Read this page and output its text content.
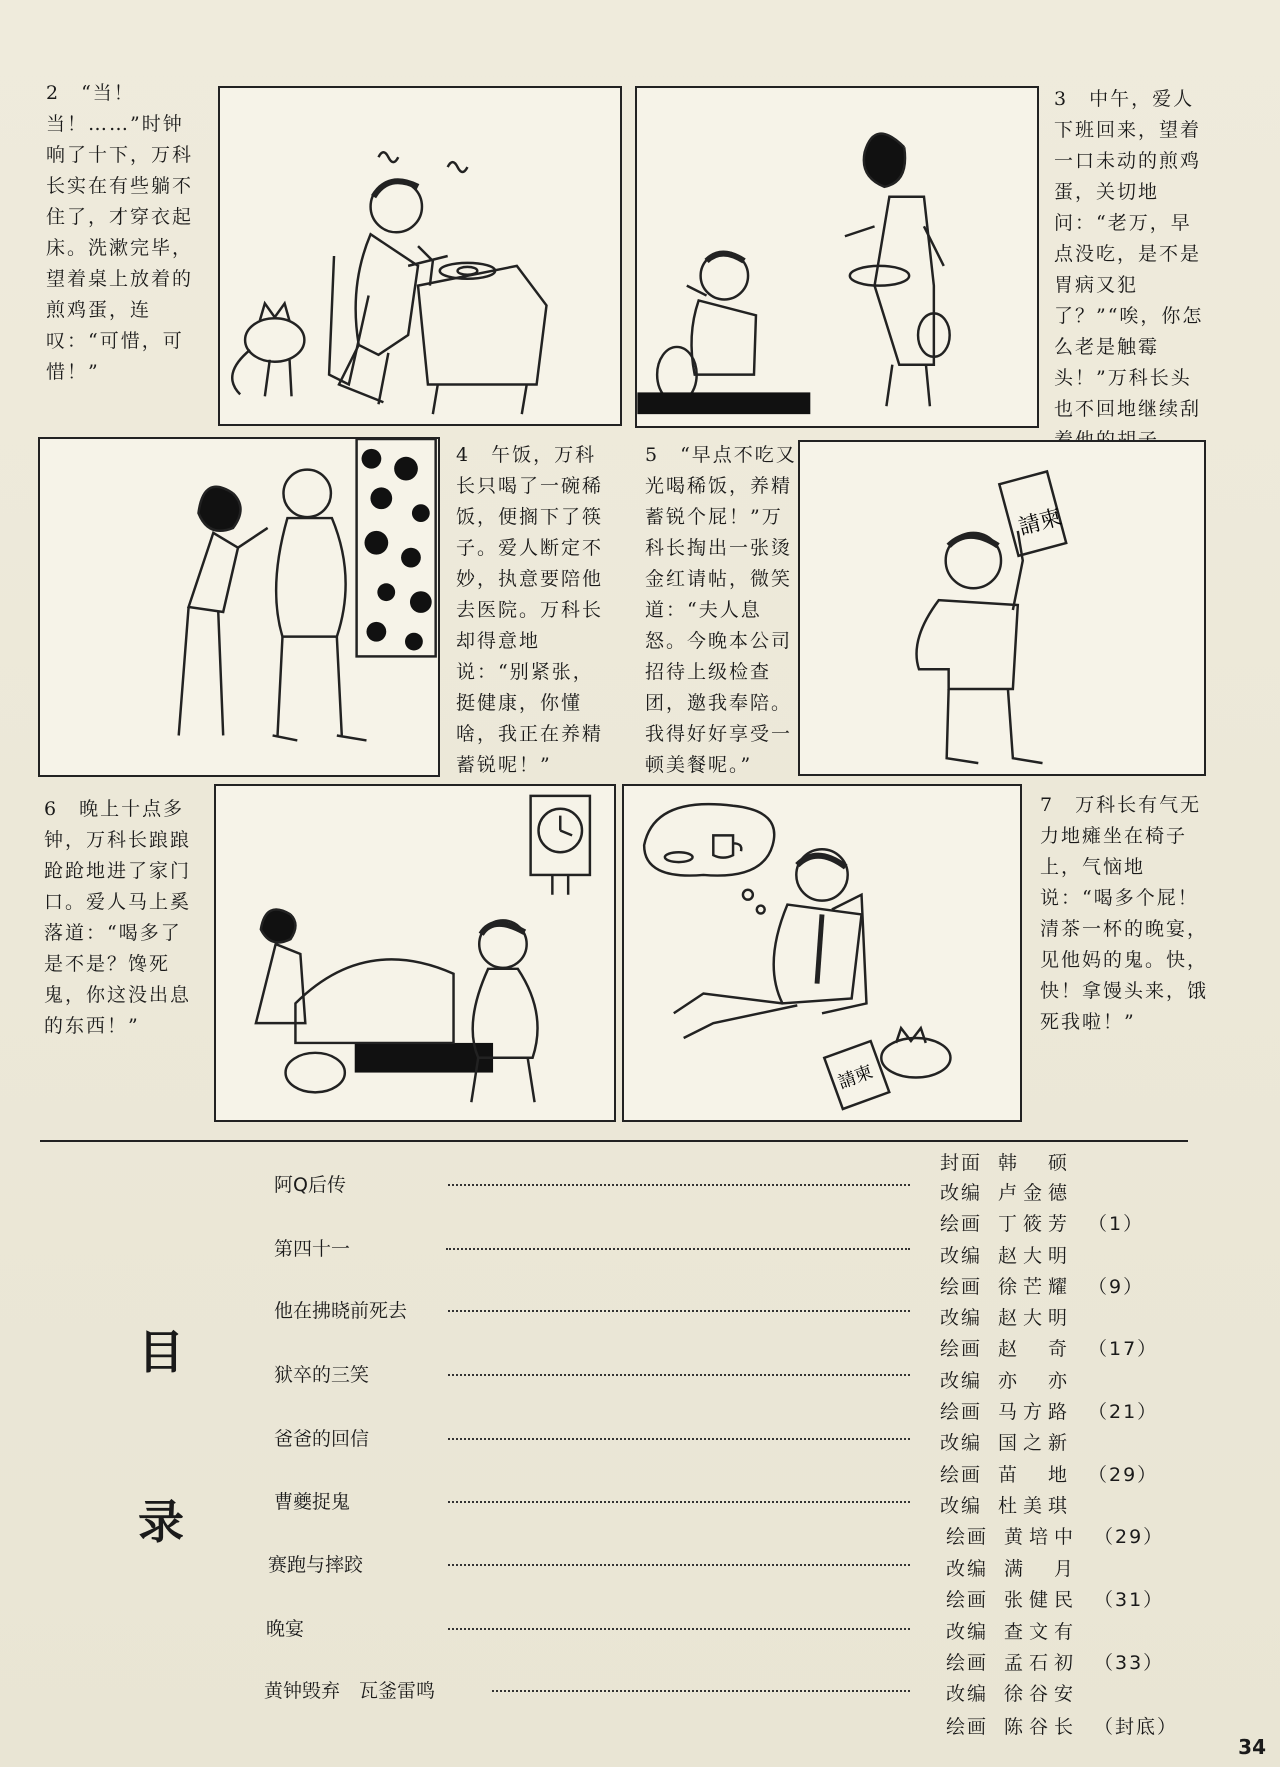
2　“当！当！……”时钟响了十下，万科长实在有些躺不住了，才穿衣起床。洗漱完毕，望着桌上放着的煎鸡蛋，连叹：“可惜，可惜！”
3　中午，爱人下班回来，望着一口未动的煎鸡蛋，关切地问：“老万，早点没吃，是不是胃病又犯了？”“唉，你怎么老是触霉头！”万科长头也不回地继续刮
4　午饭，万科长只喝了一碗稀饭，便搁下了筷子。爱人断定不妙，执意要陪他去医院。万科长却得意地说：“别紧张，挺健康，你懂啥，我正在养精蓄锐呢！”
5　“早点不吃又光喝稀饭，养精蓄锐个屁！”万科长掏出一张烫金红请帖，微笑道：“夫人息怒。今晚本公司招待上级检查团，邀我奉陪。我得好好享受一顿美餐呢。”
請柬
6　晚上十点多钟，万科长踉踉跄跄地进了家门口。爱人马上奚落道：“喝多了是不是？馋死鬼，你这没出息的东西！”
請柬
7　万科长有气无力地瘫坐在椅子上，气恼地说：“喝多个屁！清茶一杯的晚宴，见他妈的鬼。快，快！拿馒头来，饿死我啦！”
目
录
阿Q后传
第四十一
他在拂晓前死去
狱卒的三笑
爸爸的回信
曹夔捉鬼
赛跑与摔跤
晚宴
黄钟毁弃　瓦釜雷鸣
封面 韩　硕
改编 卢金德
绘画 丁筱芳 （1）
改编 赵大明
绘画 徐芒耀 （9）
改编 赵大明
绘画 赵　奇 （17）
改编 亦　亦
绘画 马方路 （21）
改编 国之新
绘画 苗　地 （29）
改编 杜美琪
绘画 黄培中 （29）
改编 满　月
绘画 张健民 （31）
改编 查文有
绘画 孟石初 （33）
改编 徐谷安
绘画 陈谷长 （封底）
34
